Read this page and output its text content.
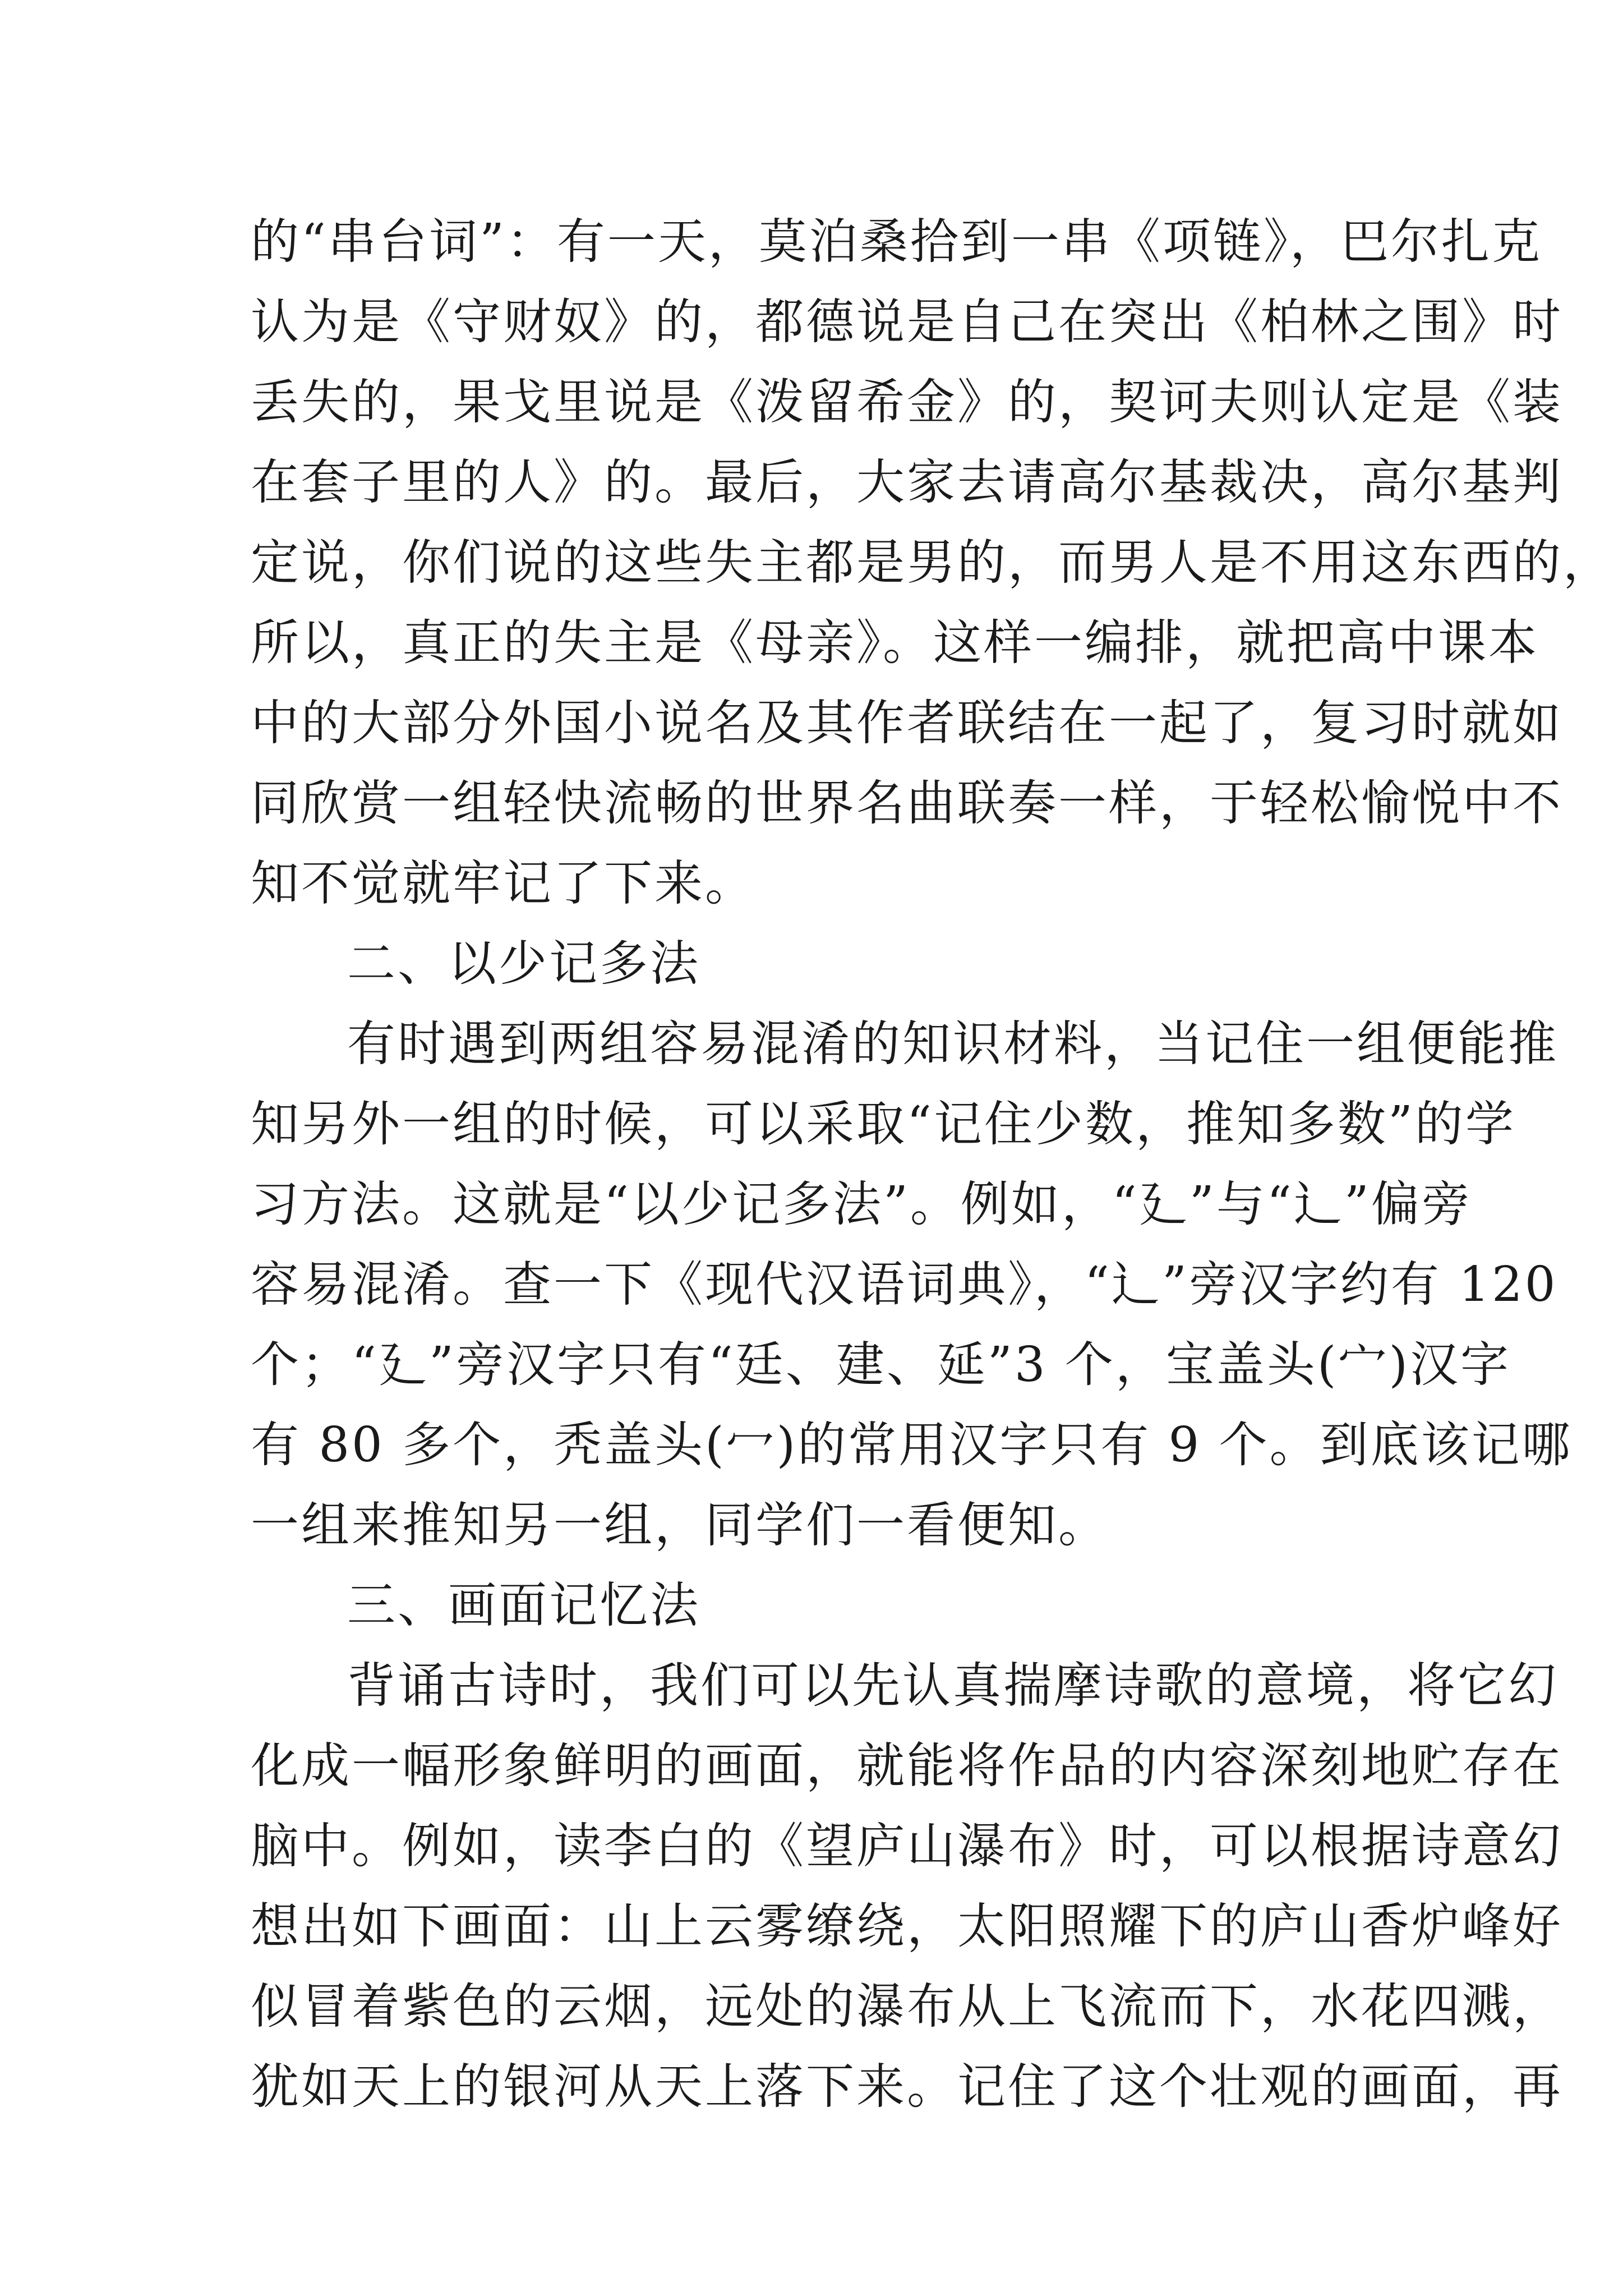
的“串台词”：有一天，莫泊桑拾到一串《项链》，巴尔扎克
认为是《守财奴》的，都德说是自己在突出《柏林之围》时
丢失的，果戈里说是《泼留希金》的，契诃夫则认定是《装
在套子里的人》的。最后，大家去请高尔基裁决，高尔基判
定说，你们说的这些失主都是男的，而男人是不用这东西的，
所以，真正的失主是《母亲》。这样一编排，就把高中课本
中的大部分外国小说名及其作者联结在一起了，复习时就如
同欣赏一组轻快流畅的世界名曲联奏一样，于轻松愉悦中不
知不觉就牢记了下来。
二、以少记多法
有时遇到两组容易混淆的知识材料，当记住一组便能推
知另外一组的时候，可以采取“记住少数，推知多数”的学
习方法。这就是“以少记多法”。例如，“廴”与“辶”偏旁
容易混淆。查一下《现代汉语词典》，“辶”旁汉字约有 120
个；“廴”旁汉字只有“廷、建、延”3 个，宝盖头(宀)汉字
有 80 多个，秃盖头(冖)的常用汉字只有 9 个。到底该记哪
一组来推知另一组，同学们一看便知。
三、画面记忆法
背诵古诗时，我们可以先认真揣摩诗歌的意境，将它幻
化成一幅形象鲜明的画面，就能将作品的内容深刻地贮存在
脑中。例如，读李白的《望庐山瀑布》时，可以根据诗意幻
想出如下画面：山上云雾缭绕，太阳照耀下的庐山香炉峰好
似冒着紫色的云烟，远处的瀑布从上飞流而下，水花四溅，
犹如天上的银河从天上落下来。记住了这个壮观的画面，再
